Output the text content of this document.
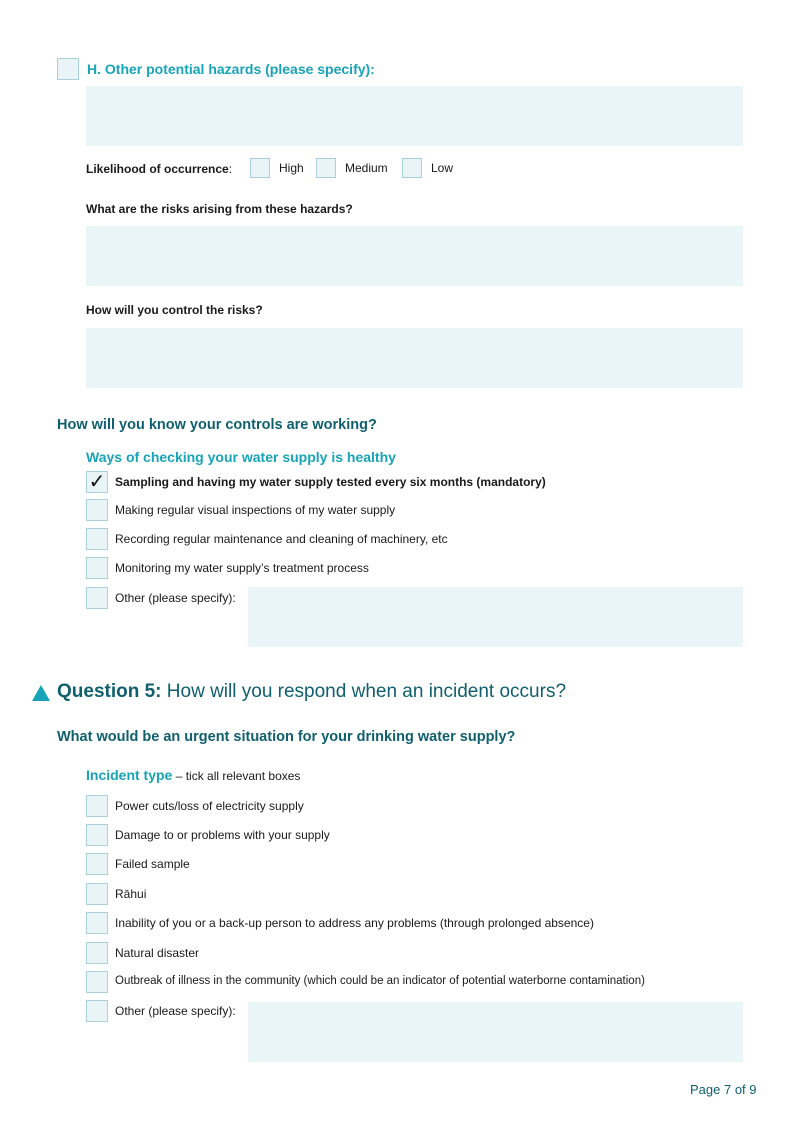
H. Other potential hazards (please specify):
Likelihood of occurrence:	High	Medium	Low
What are the risks arising from these hazards?
How will you control the risks?
How will you know your controls are working?
Ways of checking your water supply is healthy
✓ Sampling and having my water supply tested every six months (mandatory)
Making regular visual inspections of my water supply
Recording regular maintenance and cleaning of machinery, etc
Monitoring my water supply’s treatment process
Other (please specify):
Question 5: How will you respond when an incident occurs?
What would be an urgent situation for your drinking water supply?
Incident type – tick all relevant boxes
Power cuts/loss of electricity supply
Damage to or problems with your supply
Failed sample
Rāhui
Inability of you or a back-up person to address any problems (through prolonged absence)
Natural disaster
Outbreak of illness in the community (which could be an indicator of potential waterborne contamination)
Other (please specify):
Page 7 of 9
